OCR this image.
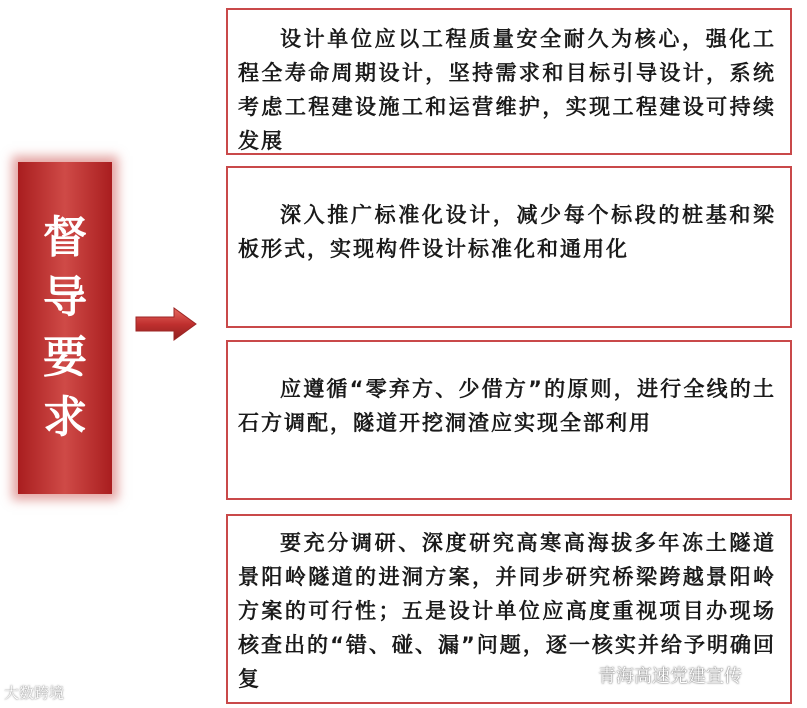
督导要求
设计单位应以工程质量安全耐久为核心，强化工程全寿命周期设计，坚持需求和目标引导设计，系统考虑工程建设施工和运营维护，实现工程建设可持续发展
深入推广标准化设计，减少每个标段的桩基和梁板形式，实现构件设计标准化和通用化
应遵循“零弃方、少借方”的原则，进行全线的土石方调配，隧道开挖洞渣应实现全部利用
要充分调研、深度研究高寒高海拔多年冻土隧道景阳岭隧道的进洞方案，并同步研究桥梁跨越景阳岭方案的可行性；五是设计单位应高度重视项目办现场核查出的“错、碰、漏”问题，逐一核实并给予明确回复
大数跨境
青海高速党建宣传
